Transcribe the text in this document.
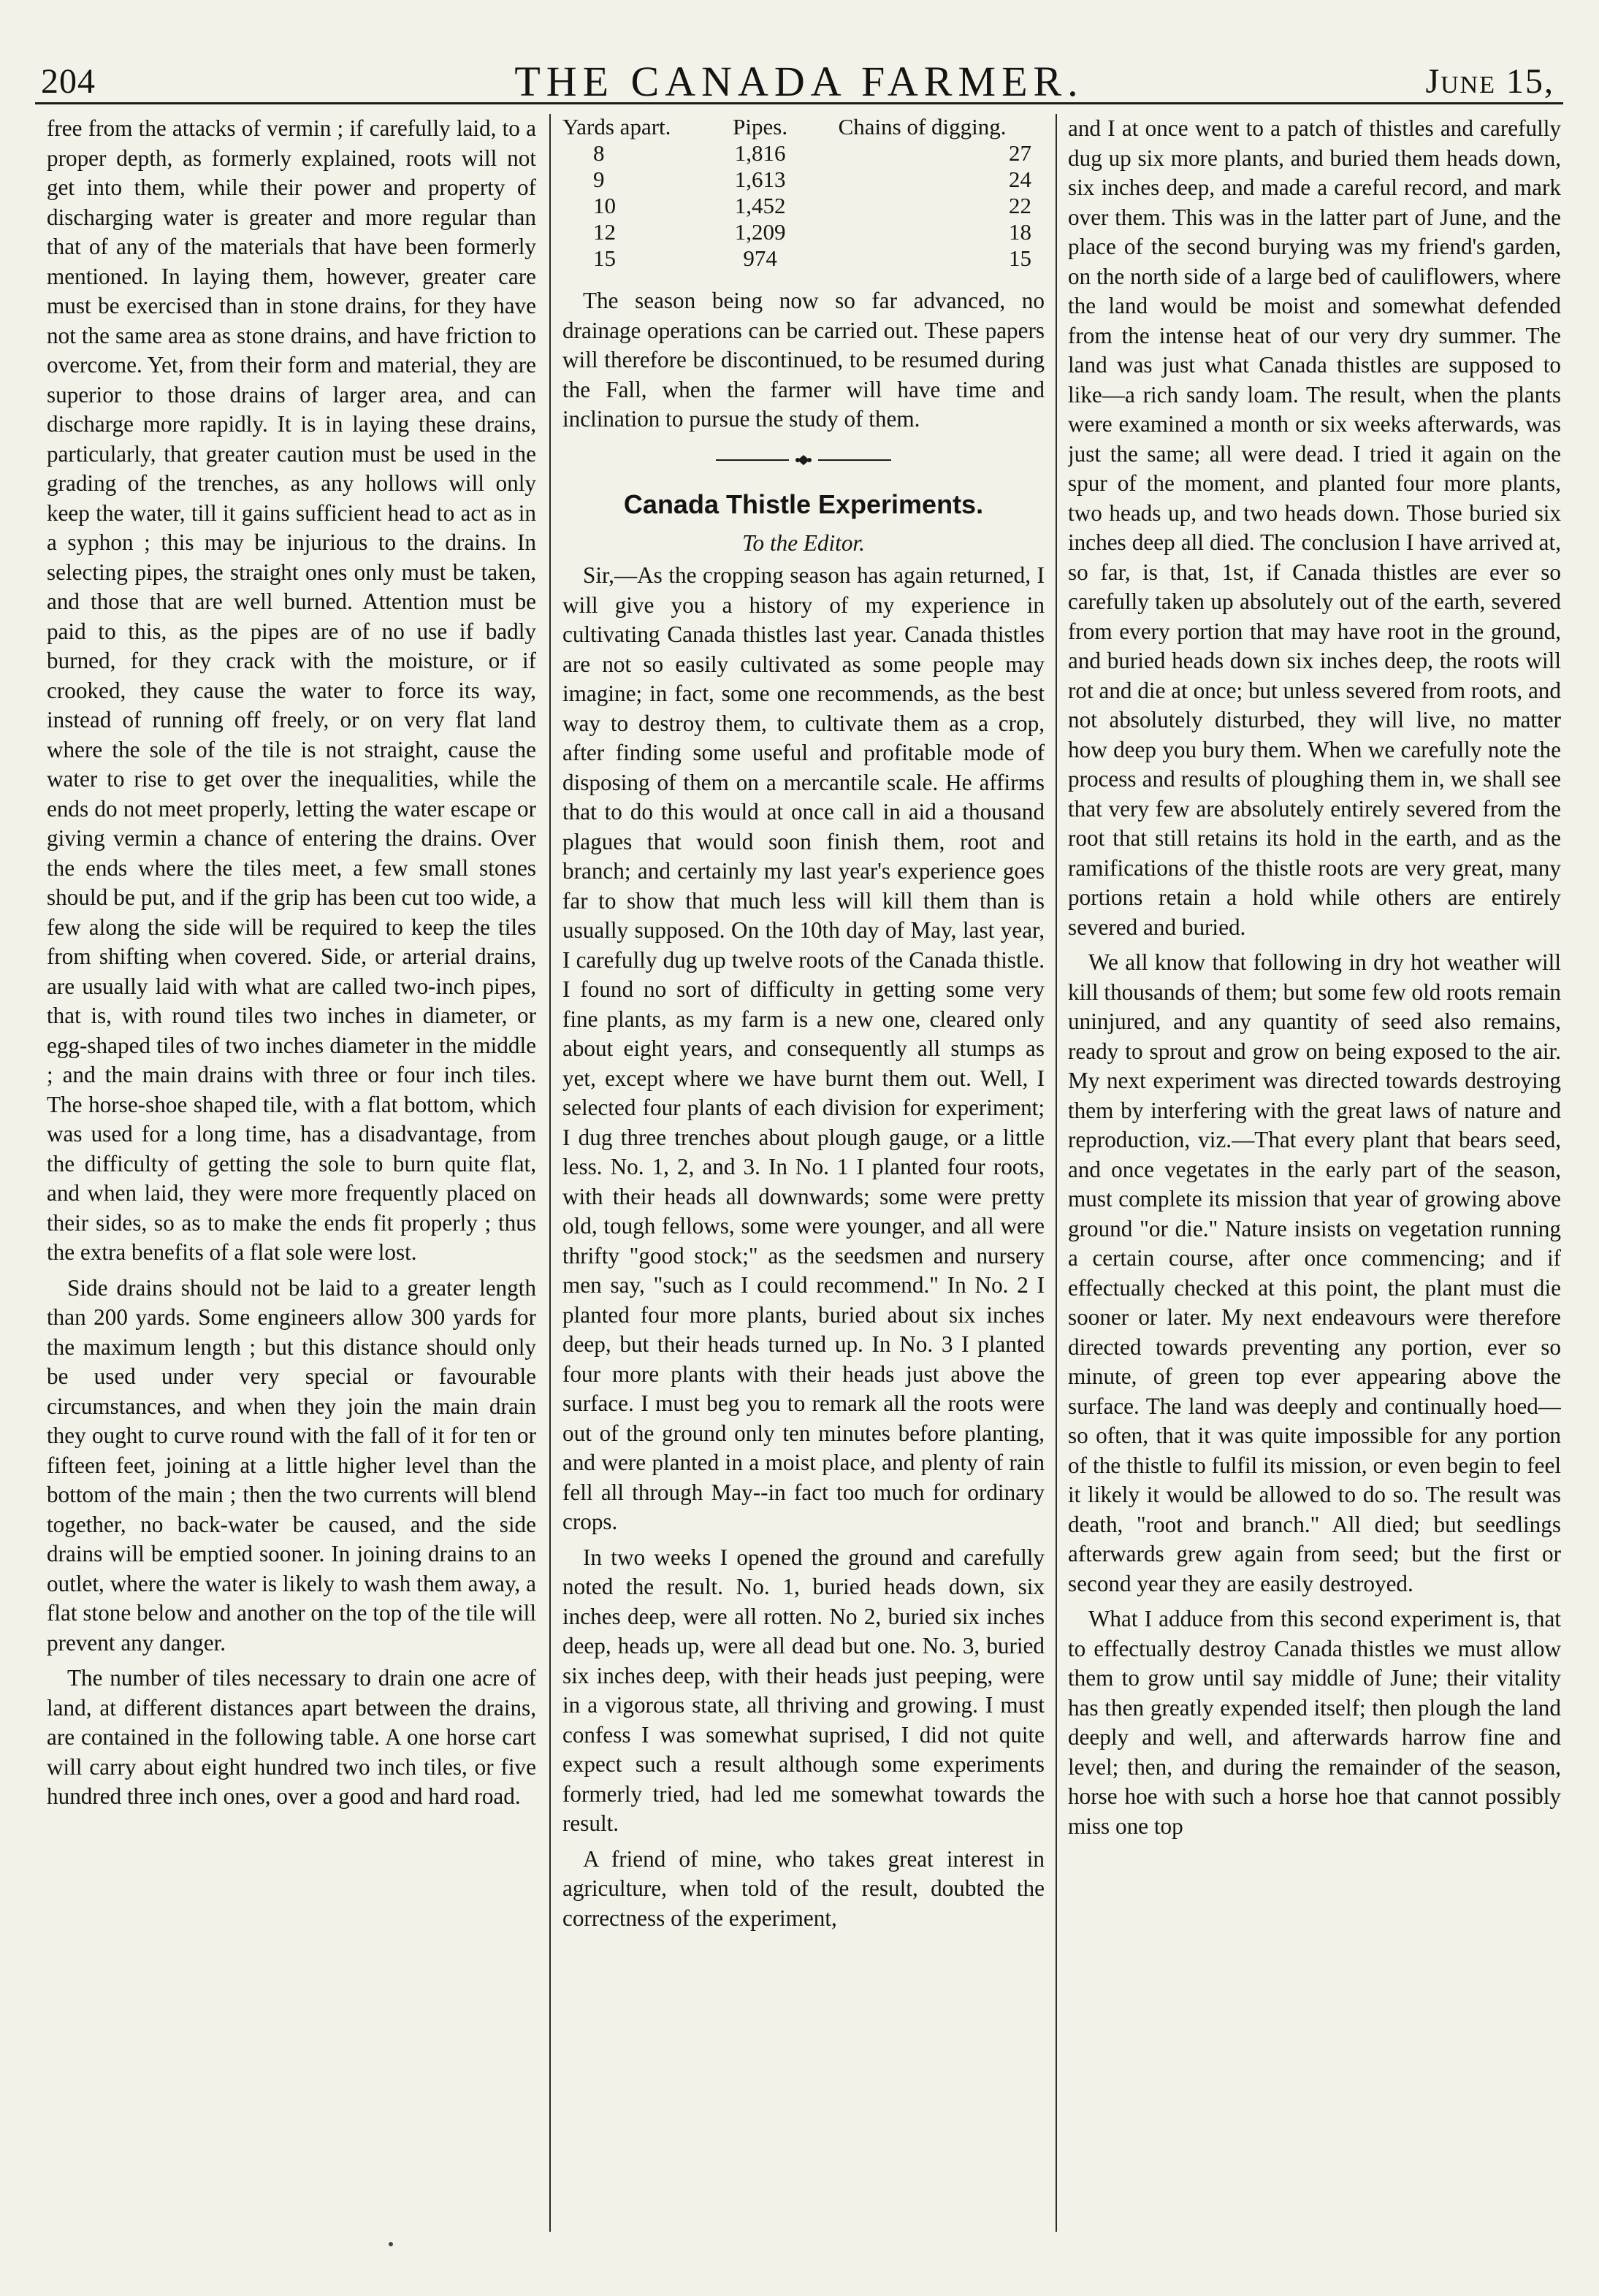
204	THE CANADA FARMER.	June 15,

free from the attacks of vermin ; if carefully laid, to a proper depth, as formerly explained, roots will not get into them, while their power and property of discharging water is greater and more regular than that of any of the materials that have been formerly mentioned. In laying them, however, greater care must be exercised than in stone drains, for they have not the same area as stone drains, and have friction to overcome. Yet, from their form and material, they are superior to those drains of larger area, and can discharge more rapidly. It is in laying these drains, particularly, that greater caution must be used in the grading of the trenches, as any hollows will only keep the water, till it gains sufficient head to act as in a syphon ; this may be injurious to the drains. In selecting pipes, the straight ones only must be taken, and those that are well burned. Attention must be paid to this, as the pipes are of no use if badly burned, for they crack with the moisture, or if crooked, they cause the water to force its way, instead of running off freely, or on very flat land where the sole of the tile is not straight, cause the water to rise to get over the inequalities, while the ends do not meet properly, letting the water escape or giving vermin a chance of entering the drains. Over the ends where the tiles meet, a few small stones should be put, and if the grip has been cut too wide, a few along the side will be required to keep the tiles from shifting when covered. Side, or arterial drains, are usually laid with what are called two-inch pipes, that is, with round tiles two inches in diameter, or egg-shaped tiles of two inches diameter in the middle ; and the main drains with three or four inch tiles. The horse-shoe shaped tile, with a flat bottom, which was used for a long time, has a disadvantage, from the difficulty of getting the sole to burn quite flat, and when laid, they were more frequently placed on their sides, so as to make the ends fit properly ; thus the extra benefits of a flat sole were lost.

Side drains should not be laid to a greater length than 200 yards. Some engineers allow 300 yards for the maximum length ; but this distance should only be used under very special or favourable circumstances, and when they join the main drain they ought to curve round with the fall of it for ten or fifteen feet, joining at a little higher level than the bottom of the main ; then the two currents will blend together, no back-water be caused, and the side drains will be emptied sooner. In joining drains to an outlet, where the water is likely to wash them away, a flat stone below and another on the top of the tile will prevent any danger.

The number of tiles necessary to drain one acre of land, at different distances apart between the drains, are contained in the following table. A one horse cart will carry about eight hundred two inch tiles, or five hundred three inch ones, over a good and hard road.

Yards apart.	Pipes.	Chains of digging.
8	1,816	27
9	1,613	24
10	1,452	22
12	1,209	18
15	974	15

The season being now so far advanced, no drainage operations can be carried out. These papers will therefore be discontinued, to be resumed during the Fall, when the farmer will have time and inclination to pursue the study of them.

Canada Thistle Experiments.
To the Editor.

Sir,—As the cropping season has again returned, I will give you a history of my experience in cultivating Canada thistles last year. Canada thistles are not so easily cultivated as some people may imagine; in fact, some one recommends, as the best way to destroy them, to cultivate them as a crop, after finding some useful and profitable mode of disposing of them on a mercantile scale. He affirms that to do this would at once call in aid a thousand plagues that would soon finish them, root and branch; and certainly my last year's experience goes far to show that much less will kill them than is usually supposed. On the 10th day of May, last year, I carefully dug up twelve roots of the Canada thistle. I found no sort of difficulty in getting some very fine plants, as my farm is a new one, cleared only about eight years, and consequently all stumps as yet, except where we have burnt them out. Well, I selected four plants of each division for experiment; I dug three trenches about plough gauge, or a little less. No. 1, 2, and 3. In No. 1 I planted four roots, with their heads all downwards; some were pretty old, tough fellows, some were younger, and all were thrifty "good stock;" as the seedsmen and nursery men say, "such as I could recommend." In No. 2 I planted four more plants, buried about six inches deep, but their heads turned up. In No. 3 I planted four more plants with their heads just above the surface. I must beg you to remark all the roots were out of the ground only ten minutes before planting, and were planted in a moist place, and plenty of rain fell all through May--in fact too much for ordinary crops.

In two weeks I opened the ground and carefully noted the result. No. 1, buried heads down, six inches deep, were all rotten. No 2, buried six inches deep, heads up, were all dead but one. No. 3, buried six inches deep, with their heads just peeping, were in a vigorous state, all thriving and growing. I must confess I was somewhat suprised, I did not quite expect such a result although some experiments formerly tried, had led me somewhat towards the result.

A friend of mine, who takes great interest in agriculture, when told of the result, doubted the correctness of the experiment,

and I at once went to a patch of thistles and carefully dug up six more plants, and buried them heads down, six inches deep, and made a careful record, and mark over them. This was in the latter part of June, and the place of the second burying was my friend's garden, on the north side of a large bed of cauliflowers, where the land would be moist and somewhat defended from the intense heat of our very dry summer. The land was just what Canada thistles are supposed to like—a rich sandy loam. The result, when the plants were examined a month or six weeks afterwards, was just the same; all were dead. I tried it again on the spur of the moment, and planted four more plants, two heads up, and two heads down. Those buried six inches deep all died. The conclusion I have arrived at, so far, is that, 1st, if Canada thistles are ever so carefully taken up absolutely out of the earth, severed from every portion that may have root in the ground, and buried heads down six inches deep, the roots will rot and die at once; but unless severed from roots, and not absolutely disturbed, they will live, no matter how deep you bury them. When we carefully note the process and results of ploughing them in, we shall see that very few are absolutely entirely severed from the root that still retains its hold in the earth, and as the ramifications of the thistle roots are very great, many portions retain a hold while others are entirely severed and buried.

We all know that following in dry hot weather will kill thousands of them; but some few old roots remain uninjured, and any quantity of seed also remains, ready to sprout and grow on being exposed to the air. My next experiment was directed towards destroying them by interfering with the great laws of nature and reproduction, viz.—That every plant that bears seed, and once vegetates in the early part of the season, must complete its mission that year of growing above ground "or die." Nature insists on vegetation running a certain course, after once commencing; and if effectually checked at this point, the plant must die sooner or later. My next endeavours were therefore directed towards preventing any portion, ever so minute, of green top ever appearing above the surface. The land was deeply and continually hoed—so often, that it was quite impossible for any portion of the thistle to fulfil its mission, or even begin to feel it likely it would be allowed to do so. The result was death, "root and branch." All died; but seedlings afterwards grew again from seed; but the first or second year they are easily destroyed.

What I adduce from this second experiment is, that to effectually destroy Canada thistles we must allow them to grow until say middle of June; their vitality has then greatly expended itself; then plough the land deeply and well, and afterwards harrow fine and level; then, and during the remainder of the season, horse hoe with such a horse hoe that cannot possibly miss one top
